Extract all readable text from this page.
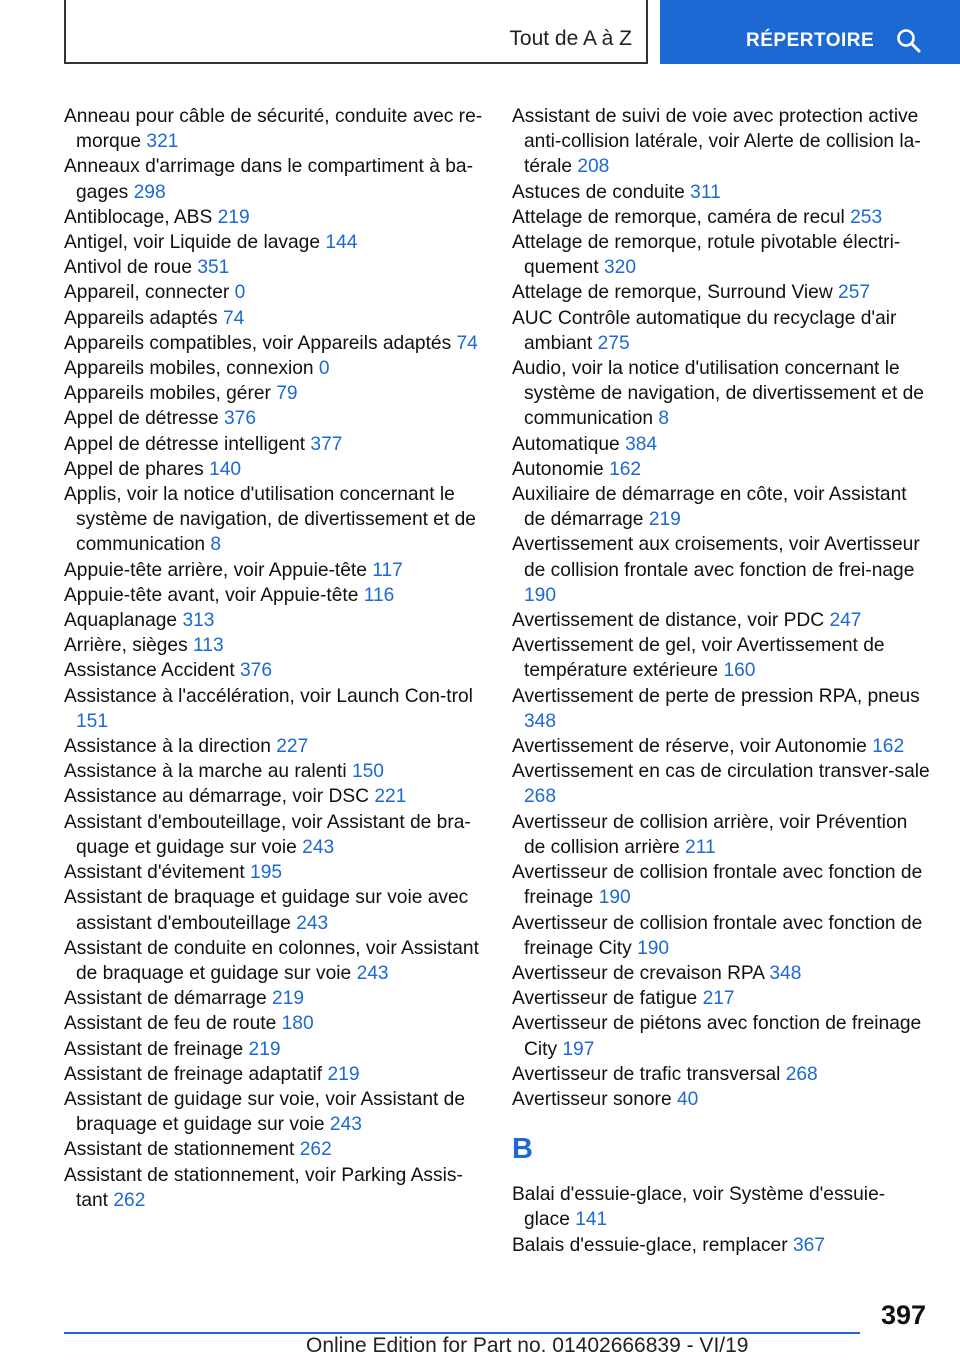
Tout de A à Z	RÉPERTOIRE
Anneau pour câble de sécurité, conduite avec re-morque 321
Anneaux d'arrimage dans le compartiment à ba-gages 298
Antiblocage, ABS 219
Antigel, voir Liquide de lavage 144
Antivol de roue 351
Appareil, connecter 0
Appareils adaptés 74
Appareils compatibles, voir Appareils adaptés 74
Appareils mobiles, connexion 0
Appareils mobiles, gérer 79
Appel de détresse 376
Appel de détresse intelligent 377
Appel de phares 140
Applis, voir la notice d'utilisation concernant le système de navigation, de divertissement et de communication 8
Appuie-tête arrière, voir Appuie-tête 117
Appuie-tête avant, voir Appuie-tête 116
Aquaplanage 313
Arrière, sièges 113
Assistance Accident 376
Assistance à l'accélération, voir Launch Con-trol 151
Assistance à la direction 227
Assistance à la marche au ralenti 150
Assistance au démarrage, voir DSC 221
Assistant d'embouteillage, voir Assistant de bra-quage et guidage sur voie 243
Assistant d'évitement 195
Assistant de braquage et guidage sur voie avec assistant d'embouteillage 243
Assistant de conduite en colonnes, voir Assistant de braquage et guidage sur voie 243
Assistant de démarrage 219
Assistant de feu de route 180
Assistant de freinage 219
Assistant de freinage adaptatif 219
Assistant de guidage sur voie, voir Assistant de braquage et guidage sur voie 243
Assistant de stationnement 262
Assistant de stationnement, voir Parking Assis-tant 262
Assistant de suivi de voie avec protection active anti-collision latérale, voir Alerte de collision la-térale 208
Astuces de conduite 311
Attelage de remorque, caméra de recul 253
Attelage de remorque, rotule pivotable électri-quement 320
Attelage de remorque, Surround View 257
AUC Contrôle automatique du recyclage d'air ambiant 275
Audio, voir la notice d'utilisation concernant le système de navigation, de divertissement et de communication 8
Automatique 384
Autonomie 162
Auxiliaire de démarrage en côte, voir Assistant de démarrage 219
Avertissement aux croisements, voir Avertisseur de collision frontale avec fonction de frei-nage 190
Avertissement de distance, voir PDC 247
Avertissement de gel, voir Avertissement de température extérieure 160
Avertissement de perte de pression RPA, pneus 348
Avertissement de réserve, voir Autonomie 162
Avertissement en cas de circulation transver-sale 268
Avertisseur de collision arrière, voir Prévention de collision arrière 211
Avertisseur de collision frontale avec fonction de freinage 190
Avertisseur de collision frontale avec fonction de freinage City 190
Avertisseur de crevaison RPA 348
Avertisseur de fatigue 217
Avertisseur de piétons avec fonction de freinage City 197
Avertisseur de trafic transversal 268
Avertisseur sonore 40
B
Balai d'essuie-glace, voir Système d'essuie-glace 141
Balais d'essuie-glace, remplacer 367
397
Online Edition for Part no. 01402666839 - VI/19
